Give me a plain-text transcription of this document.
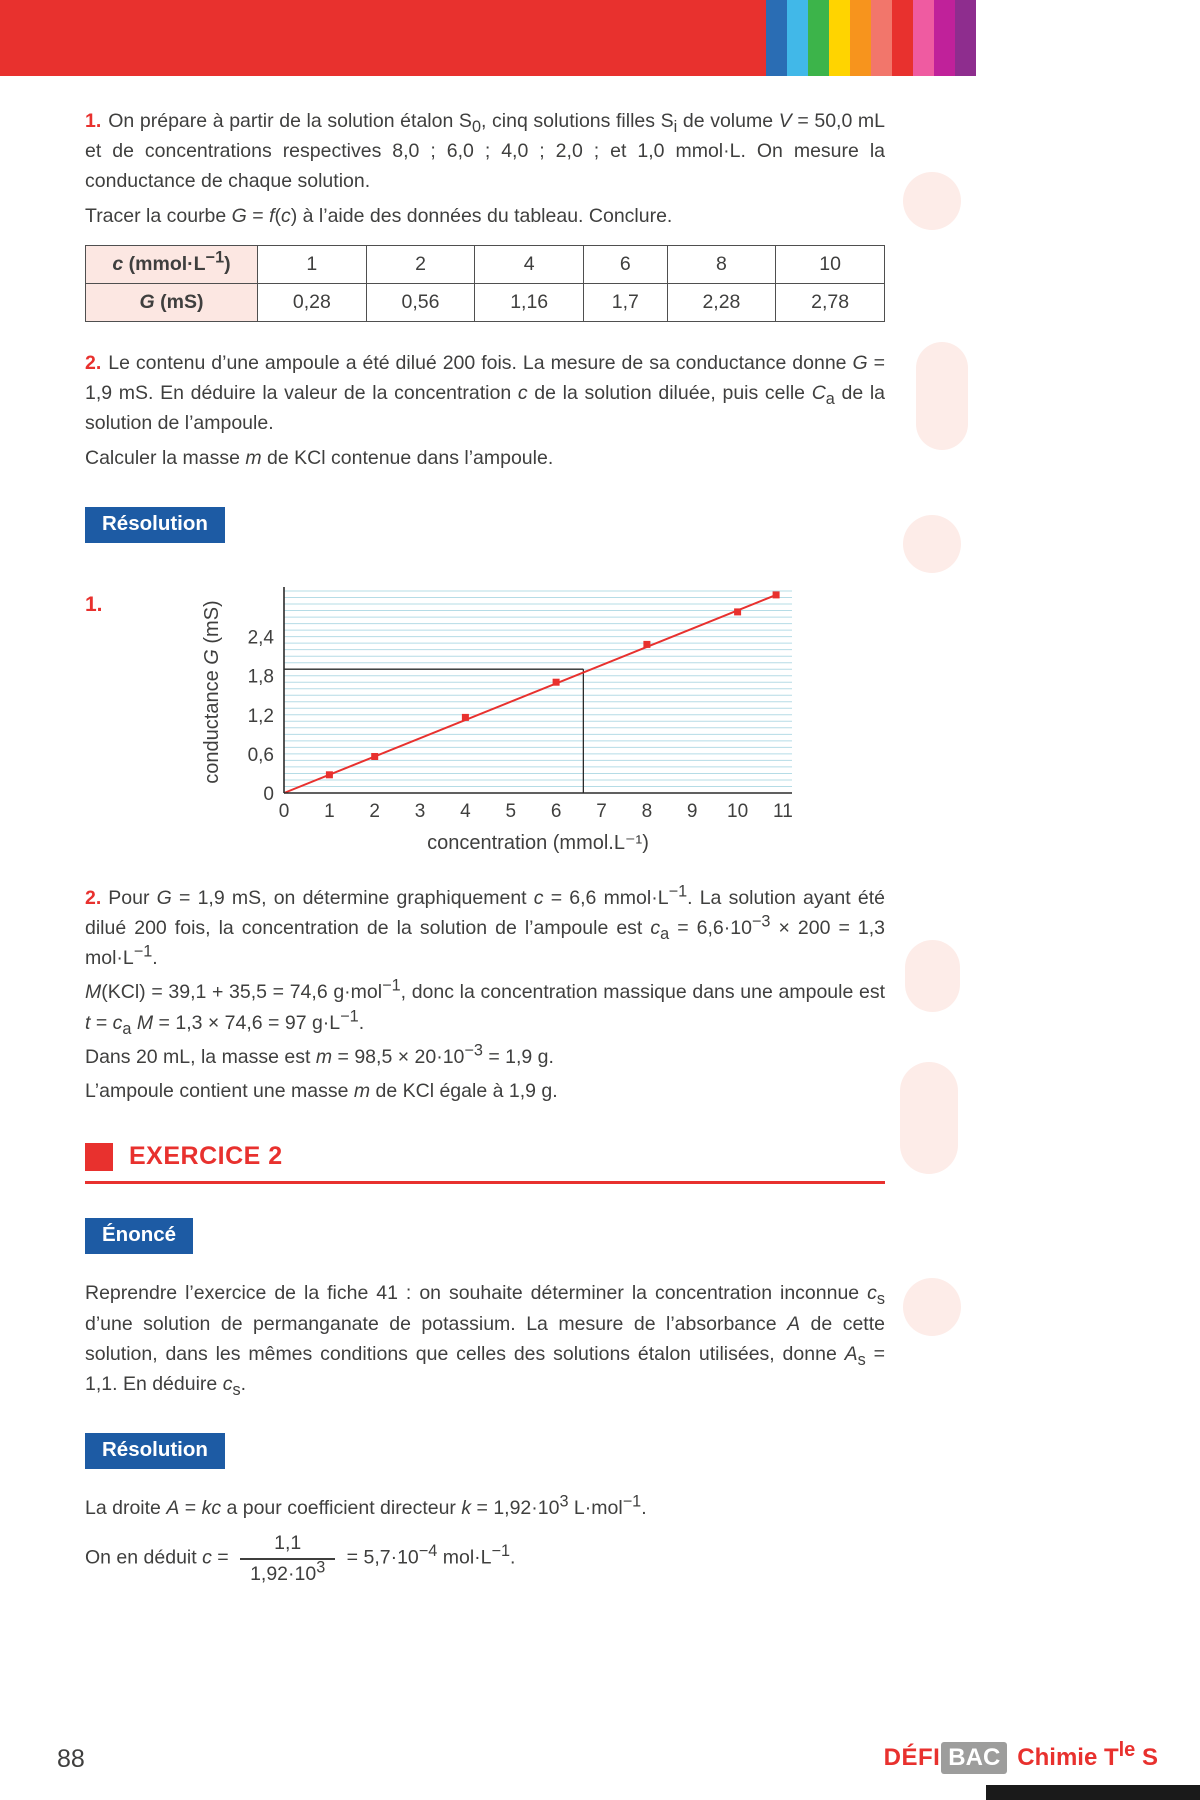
1. On prépare à partir de la solution étalon $S_0$, cinq solutions filles $S_i$ de volume V = 50,0 mL et de concentrations respectives 8,0 ; 6,0 ; 4,0 ; 2,0 ; et 1,0 mmol·L. On mesure la conductance de chaque solution.

Tracer la courbe G = f(c) à l’aide des données du tableau. Conclure.

c $(mmol\cdot L^{-1})$	1	2	4	6	8	10
G (mS)	0,28	0,56	1,16	1,7	2,28	2,78

2. Le contenu d’une ampoule a été dilué 200 fois. La mesure de sa conductance donne G = 1,9 mS. En déduire la valeur de la concentration c de la solution diluée, puis celle $C_a$ de la solution de l’ampoule.

Calculer la masse m de KCl contenue dans l’ampoule.

Résolution
1.
0 1 2 3 4 5 6 7 8 9 10 11
0
0,6
1,2
1,8
2,4
concentration (mmol.L⁻¹)
conductance G (mS)

2. Pour G = 1,9 mS, on détermine graphiquement c = 6,6 $mmol\cdot L^{-1}$. La solution ayant été dilué 200 fois, la concentration de la solution de l’ampoule est $c_a = 6,6\cdot 10^{-3} \times 200 = 1,3$ $mol\cdot L^{-1}$.

M(KCl) = 39,1 + 35,5 = 74,6 g·mol$^{-1}$, donc la concentration massique dans une ampoule est $t = c_a$ M = 1,3 × 74,6 = 97 $g\cdot L^{-1}$.

Dans 20 mL, la masse est $m = 98,5 \times 20\cdot 10^{-3} = 1,9$ g.

L’ampoule contient une masse m de KCl égale à 1,9 g.

EXERCICE 2
Énoncé

Reprendre l’exercice de la fiche 41 : on souhaite déterminer la concentration inconnue $c_s$ d’une solution de permanganate de potassium. La mesure de l’absorbance A de cette solution, dans les mêmes conditions que celles des solutions étalon utilisées, donne $A_s = 1,1$. En déduire $c_s$.

Résolution

La droite A = kc a pour coefficient directeur $k = 1,92\cdot 10^3$ L·mol$^{-1}$.

On en déduit $c = \frac{1,1}{1,92\cdot 10^3} = 5,7\cdot 10^{-4}$ $mol\cdot L^{-1}$.

88	DÉFI BAC Chimie $T^{le}$ S
